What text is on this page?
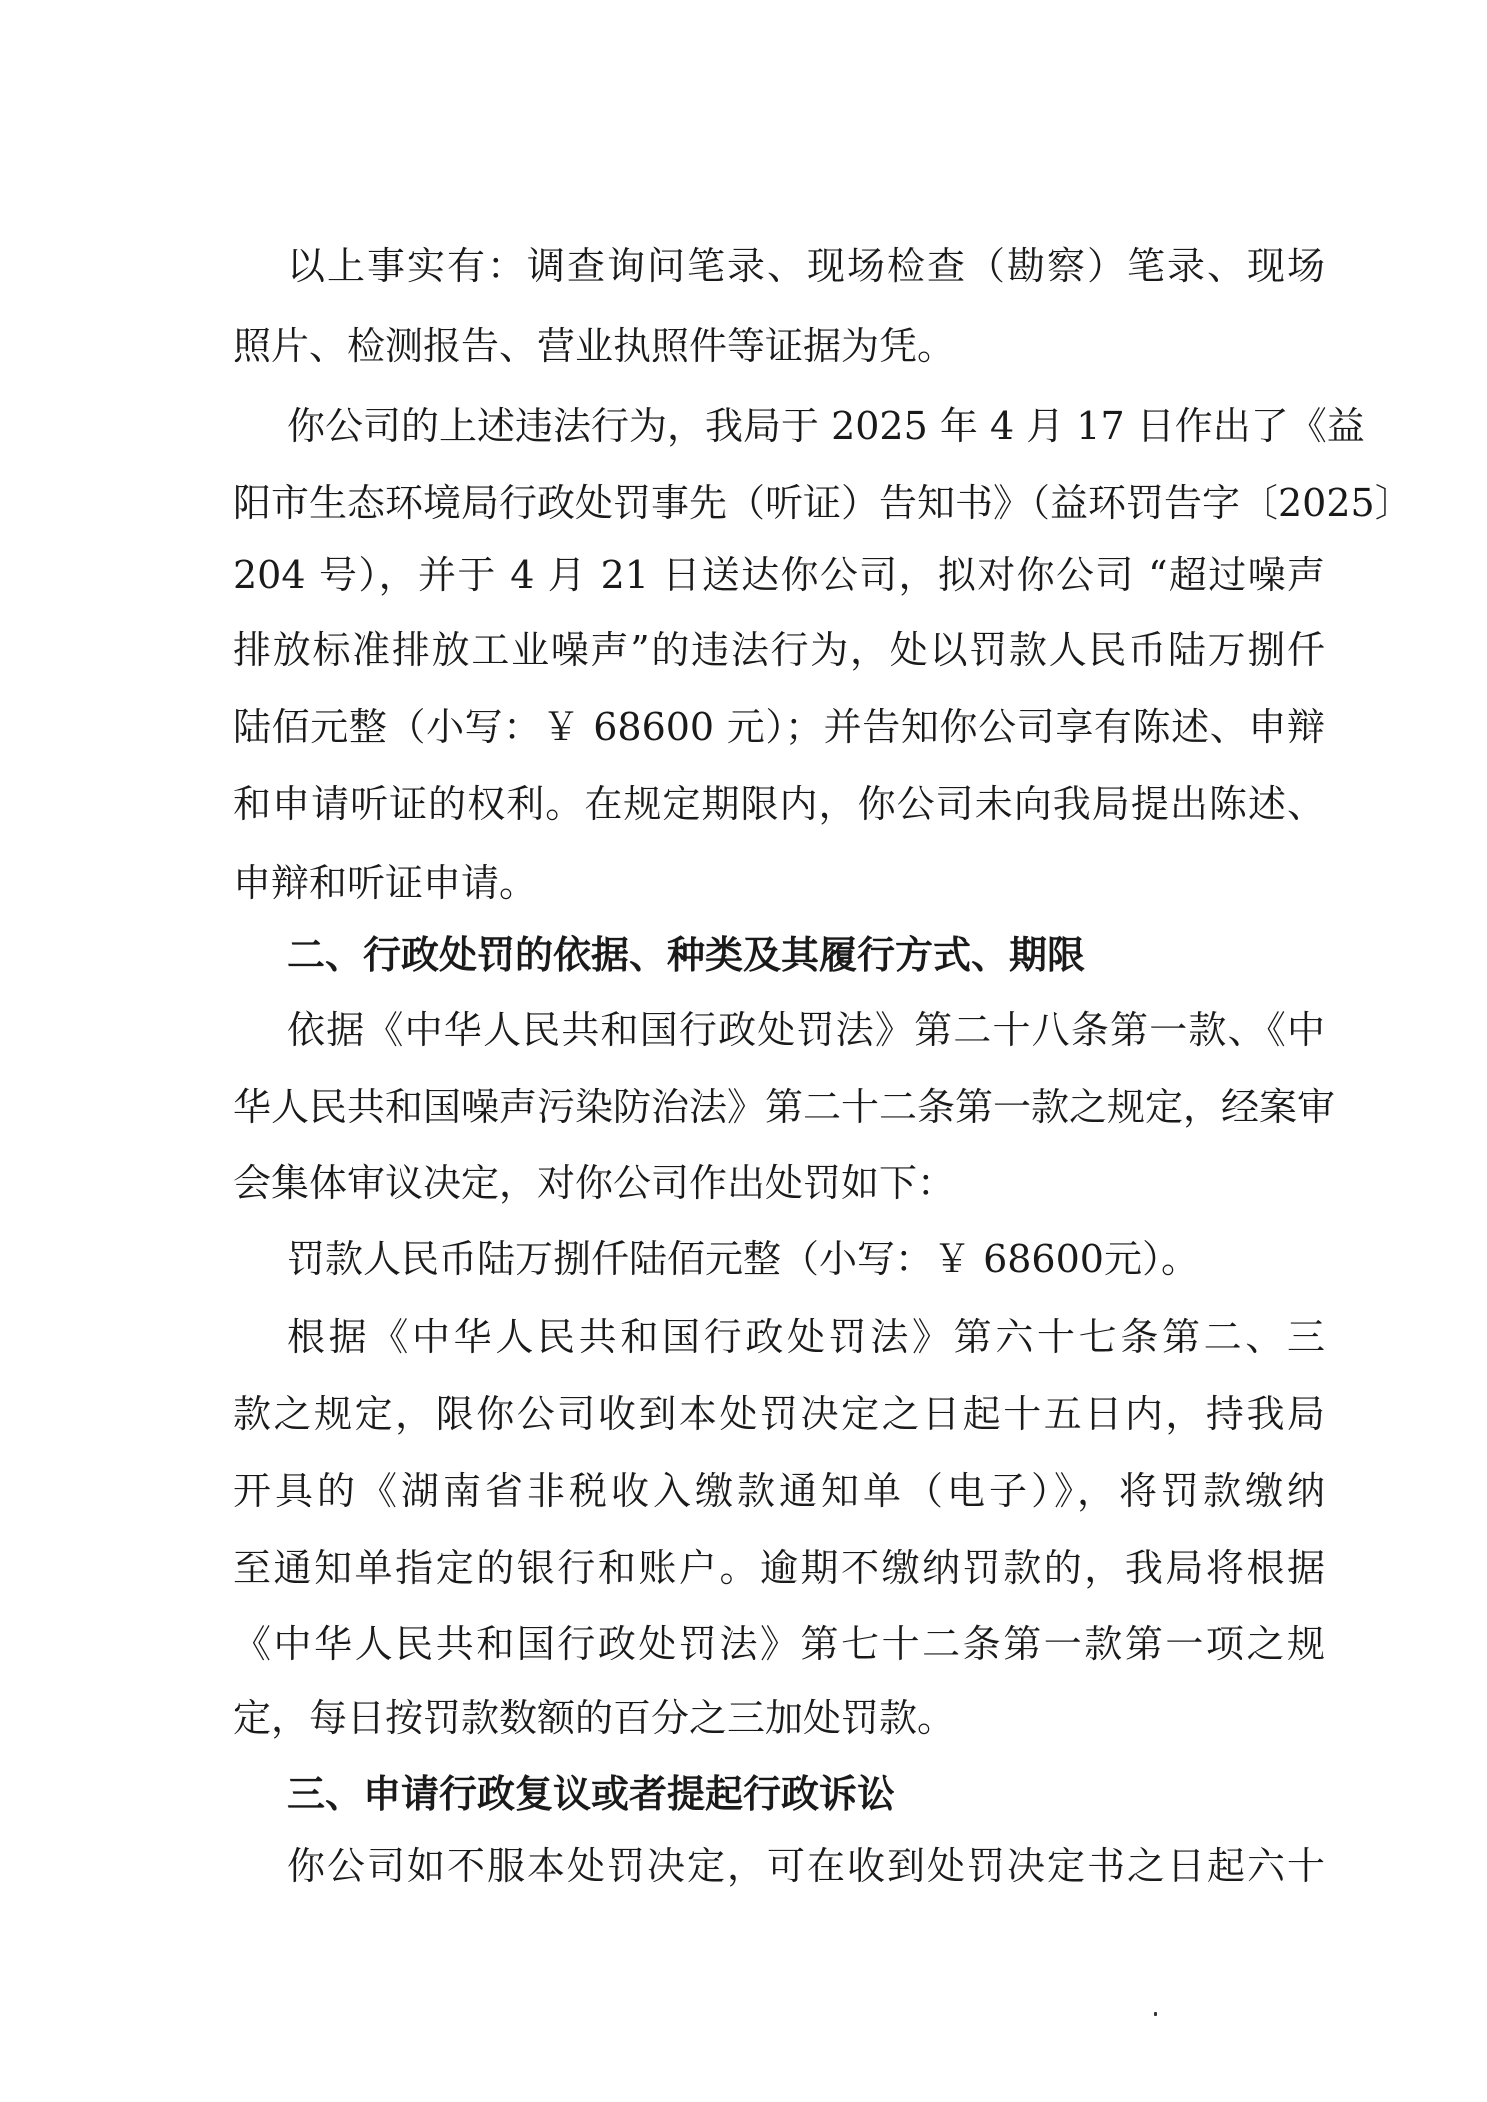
以上事实有：调查询问笔录、现场检查（勘察）笔录、现场
照片、检测报告、营业执照件等证据为凭。
你公司的上述违法行为，我局于 2025 年 4 月 17 日作出了《益
阳市生态环境局行政处罚事先（听证）告知书》（益环罚告字〔2025〕
204 号），并于 4 月 21 日送达你公司，拟对你公司 “超过噪声
排放标准排放工业噪声”的违法行为，处以罚款人民币陆万捌仟
陆佰元整（小写：￥ 68600 元）；并告知你公司享有陈述、申辩
和申请听证的权利。在规定期限内，你公司未向我局提出陈述、
申辩和听证申请。
二、行政处罚的依据、种类及其履行方式、期限
依据《中华人民共和国行政处罚法》第二十八条第一款、《中
华人民共和国噪声污染防治法》第二十二条第一款之规定，经案审
会集体审议决定，对你公司作出处罚如下：
罚款人民币陆万捌仟陆佰元整（小写：￥ 68600元）。
根据《中华人民共和国行政处罚法》第六十七条第二、三
款之规定，限你公司收到本处罚决定之日起十五日内，持我局
开具的《湖南省非税收入缴款通知单（电子）》，将罚款缴纳
至通知单指定的银行和账户。逾期不缴纳罚款的，我局将根据
《中华人民共和国行政处罚法》第七十二条第一款第一项之规
定，每日按罚款数额的百分之三加处罚款。
三、申请行政复议或者提起行政诉讼
你公司如不服本处罚决定，可在收到处罚决定书之日起六十
